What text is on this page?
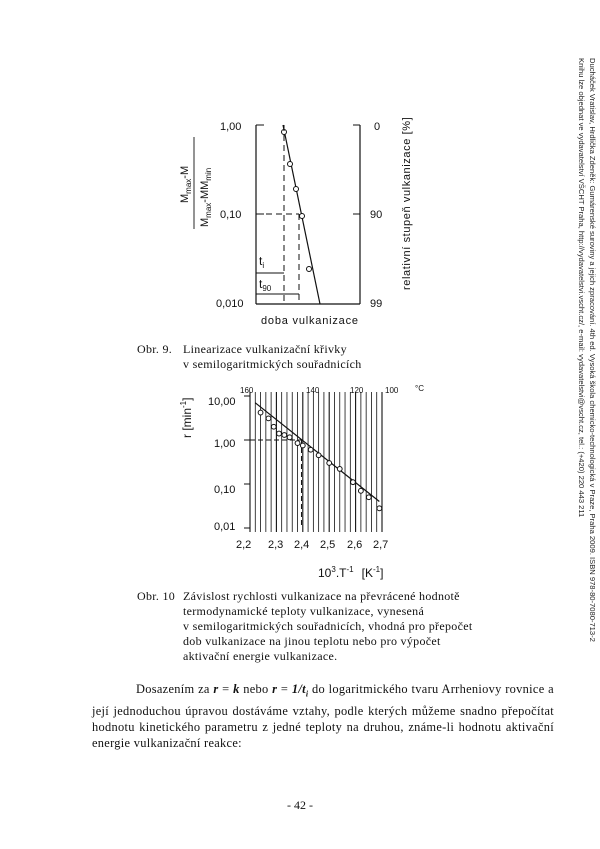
Ducháček Vratislav, Hrdlička Zdeněk: Gumárenské suroviny a jejich zpracování. 4th ed. Vysoká škola chemicko-technologická v Praze, Praha 2009. ISBN 978-80-7080-713-2
Knihu lze objednat ve vydavatelství VŠCHT Praha, http://vydavatelstvi.vscht.cz/, e-mail: vydavatelstvi@vscht.cz, tel.: (+420) 220 443 211
$M_{max}-M$
$M_{max}-MM_{min}$
1,00
0,10
0,010
0
90
99
relativní stupeň vulkanizace [%]
$t_i$
$t_{90}$
doba vulkanizace
Obr. 9. Linearizace vulkanizační křivky
v semilogaritmických souřadnicích
r $[\min^{-1}]$
160	140	120	100 °C
10,00
1,00
0,10
0,01
2,2 2,3 2,4 2,5 2,6 2,7
$10^3.T^{-1}$ $[K^{-1}]$
Obr. 10 Závislost rychlosti vulkanizace na převrácené hodnotě
termodynamické teploty vulkanizace, vynesená
v semilogaritmických souřadnicích, vhodná pro přepočet
dob vulkanizace na jinou teplotu nebo pro výpočet
aktivační energie vulkanizace.
Dosazením za r = k nebo $r = 1/t_i$ do logaritmického tvaru Arrheniovy rovnice a její jednoduchou úpravou dostáváme vztahy, podle kterých můžeme snadno přepočítat hodnotu kinetického parametru z jedné teploty na druhou, známe-li hodnotu aktivační energie vulkanizační reakce:
- 42 -
